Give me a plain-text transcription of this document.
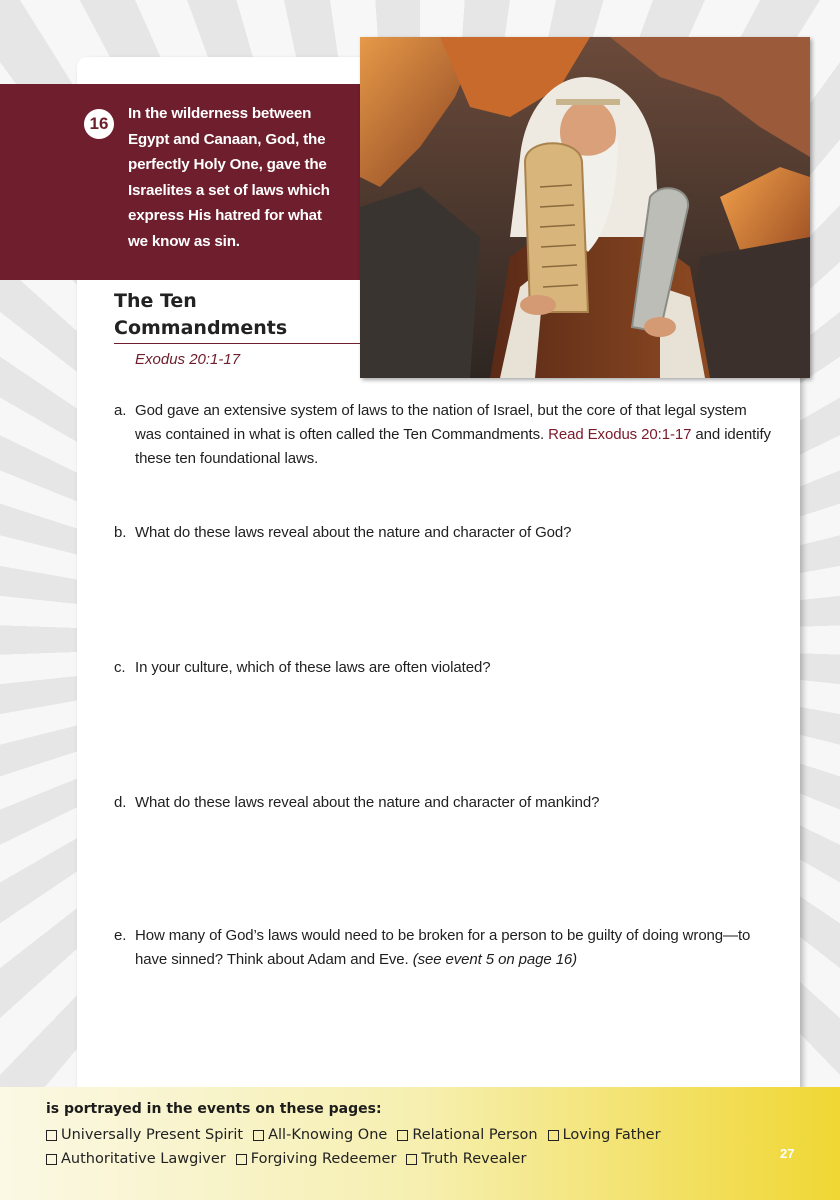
16
In the wilderness between
Egypt and Canaan, God, the
perfectly Holy One, gave the
Israelites a set of laws which
express His hatred for what
we know as sin.
The Ten
Commandments
Exodus 20:1-17
a. God gave an extensive system of laws to the nation of Israel, but the core of that legal system
was contained in what is often called the Ten Commandments. Read Exodus 20:1-17 and identify
these ten foundational laws.
b. What do these laws reveal about the nature and character of God?
c. In your culture, which of these laws are often violated?
d. What do these laws reveal about the nature and character of mankind?
e. How many of God’s laws would need to be broken for a person to be guilty of doing wrong—to
have sinned? Think about Adam and Eve. (see event 5 on page 16)
is portrayed in the events on these pages:
Universally Present Spirit All-Knowing One Relational Person Loving Father
Authoritative Lawgiver Forgiving Redeemer Truth Revealer	27
